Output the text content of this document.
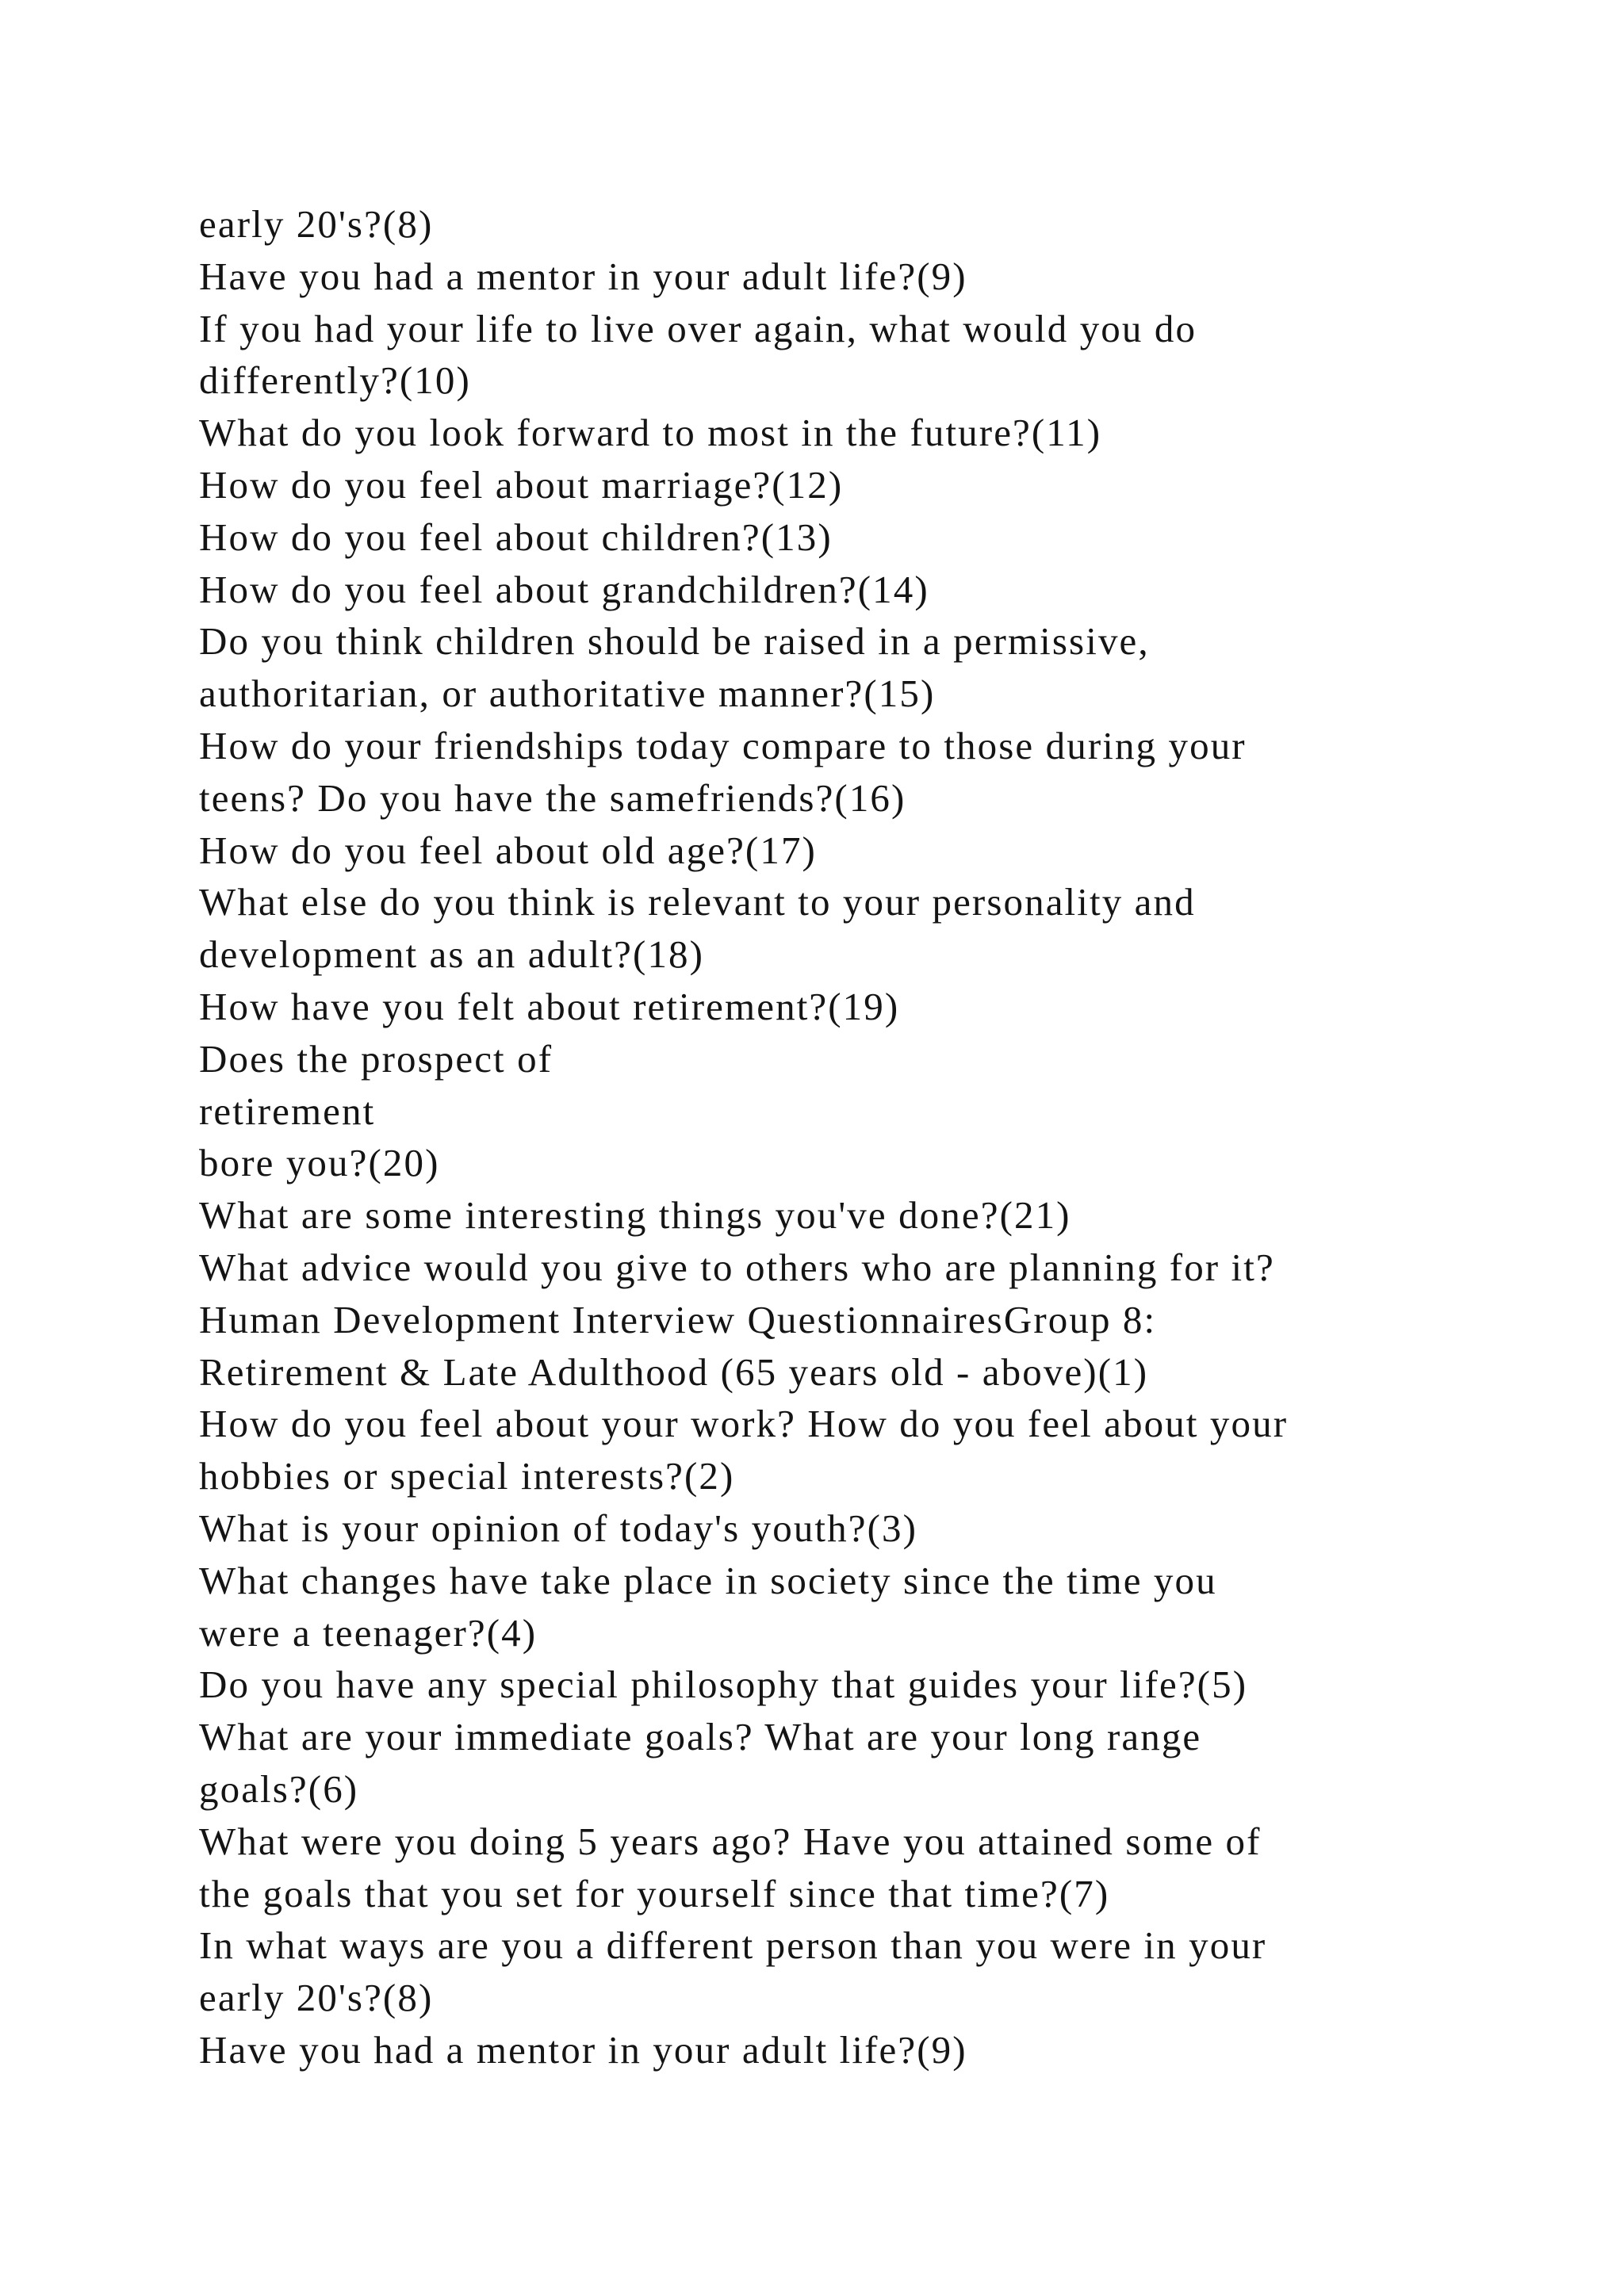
early 20's?(8)
Have you had a mentor in your adult life?(9)
If you had your life to live over again, what would you do
differently?(10)
What do you look forward to most in the future?(11)
How do you feel about marriage?(12)
How do you feel about children?(13)
How do you feel about grandchildren?(14)
Do you think children should be raised in a permissive,
authoritarian, or authoritative manner?(15)
How do your friendships today compare to those during your
teens? Do you have the samefriends?(16)
How do you feel about old age?(17)
What else do you think is relevant to your personality and
development as an adult?(18)
How have you felt about retirement?(19)
Does the prospect of
retirement
bore you?(20)
What are some interesting things you've done?(21)
What advice would you give to others who are planning for it?
Human Development Interview QuestionnairesGroup 8:
Retirement & Late Adulthood (65 years old - above)(1)
How do you feel about your work? How do you feel about your
hobbies or special interests?(2)
What is your opinion of today's youth?(3)
What changes have take place in society since the time you
were a teenager?(4)
Do you have any special philosophy that guides your life?(5)
What are your immediate goals? What are your long range
goals?(6)
What were you doing 5 years ago? Have you attained some of
the goals that you set for yourself since that time?(7)
In what ways are you a different person than you were in your
early 20's?(8)
Have you had a mentor in your adult life?(9)
